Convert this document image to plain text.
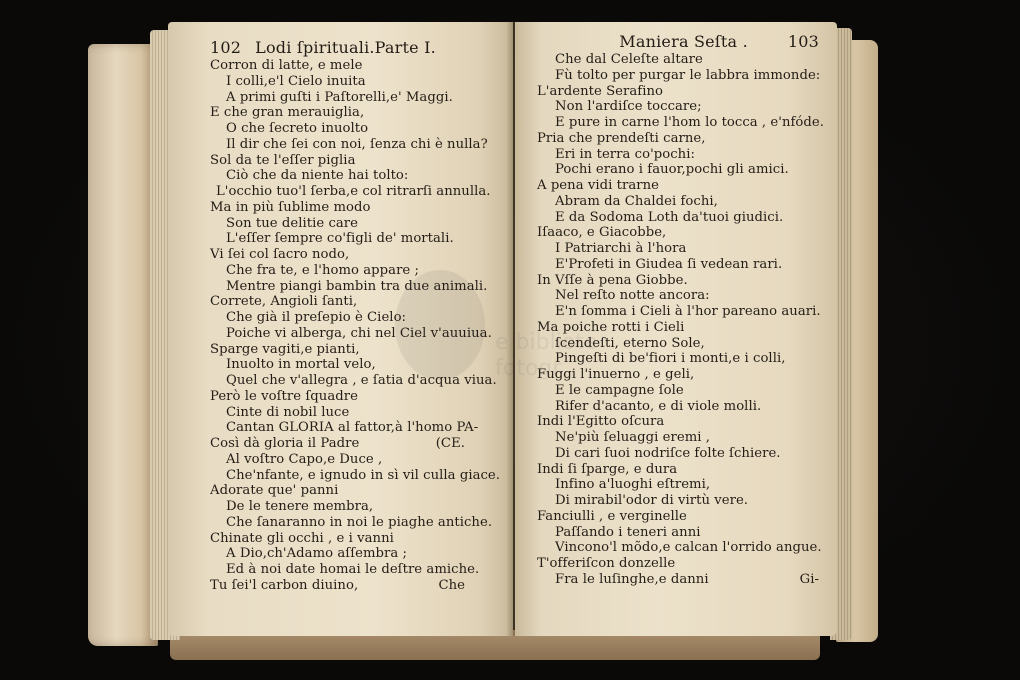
102 Lodi ſpirituali.Parte I.
Corron di latte, e mele
I colli,e'l Cielo inuita
A primi guſti i Paſtorelli,e' Maggi.
E che gran merauiglia,
O che ſecreto inuolto
Il dir che ſei con noi, ſenza chi è nulla?
Sol da te l'eſſer piglia
Ciò che da niente hai tolto:
L'occhio tuo'l ſerba,e col ritrarſi annulla.
Ma in più ſublime modo
Son tue delitie care
L'eſſer ſempre co'figli de' mortali.
Vi ſei col ſacro nodo,
Che fra te, e l'homo appare ;
Mentre piangi bambin tra due animali.
Correte, Angioli ſanti,
Che già il preſepio è Cielo:
Poiche vi alberga, chi nel Ciel v'auuiua.
Sparge vagiti,e pianti,
Inuolto in mortal velo,
Quel che v'allegra , e ſatia d'acqua viua.
Però le voſtre ſquadre
Cinte di nobil luce
Cantan GLORIA al fattor,à l'homo PA-
Così dà gloria il Padre	(CE.
Al voſtro Capo,e Duce ,
Che'nfante, e ignudo in sì vil culla giace.
Adorate que' panni
De le tenere membra,
Che ſanaranno in noi le piaghe antiche.
Chinate gli occhi , e i vanni
A Dio,ch'Adamo aſſembra ;
Ed à noi date homai le deſtre amiche.
Tu ſei'l carbon diuino,	Che
Maniera Seſta .	103
Che dal Celeſte altare
Fù tolto per purgar le labbra immonde:
L'ardente Serafino
Non l'ardiſce toccare;
E pure in carne l'hom lo tocca , e'nfóde.
Pria che prendeſti carne,
Eri in terra co'pochi:
Pochi erano i fauor,pochi gli amici.
A pena vidi trarne
Abram da Chaldei fochi,
E da Sodoma Loth da'tuoi giudici.
Iſaaco, e Giacobbe,
I Patriarchi à l'hora
E'Profeti in Giudea ſi vedean rari.
In Vſſe à pena Giobbe.
Nel reſto notte ancora:
E'n ſomma i Cieli à l'hor pareano auari.
Ma poiche rotti i Cieli
ſcendeſti, eterno Sole,
Pingeſti di be'fiori i monti,e i colli,
Fuggi l'inuerno , e geli,
E le campagne ſole
Rifer d'acanto, e di viole molli.
Indi l'Egitto oſcura
Ne'più ſeluaggi eremi ,
Di cari ſuoi nodriſce folte ſchiere.
Indi ſi ſparge, e dura
Infino a'luoghi eſtremi,
Di mirabil'odor di virtù vere.
Fanciulli , e verginelle
Paſſando i teneri anni
Vincono'l mõdo,e calcan l'orrido angue.
T'offeriſcon donzelle
Fra le luſinghe,e danni	Gi-
